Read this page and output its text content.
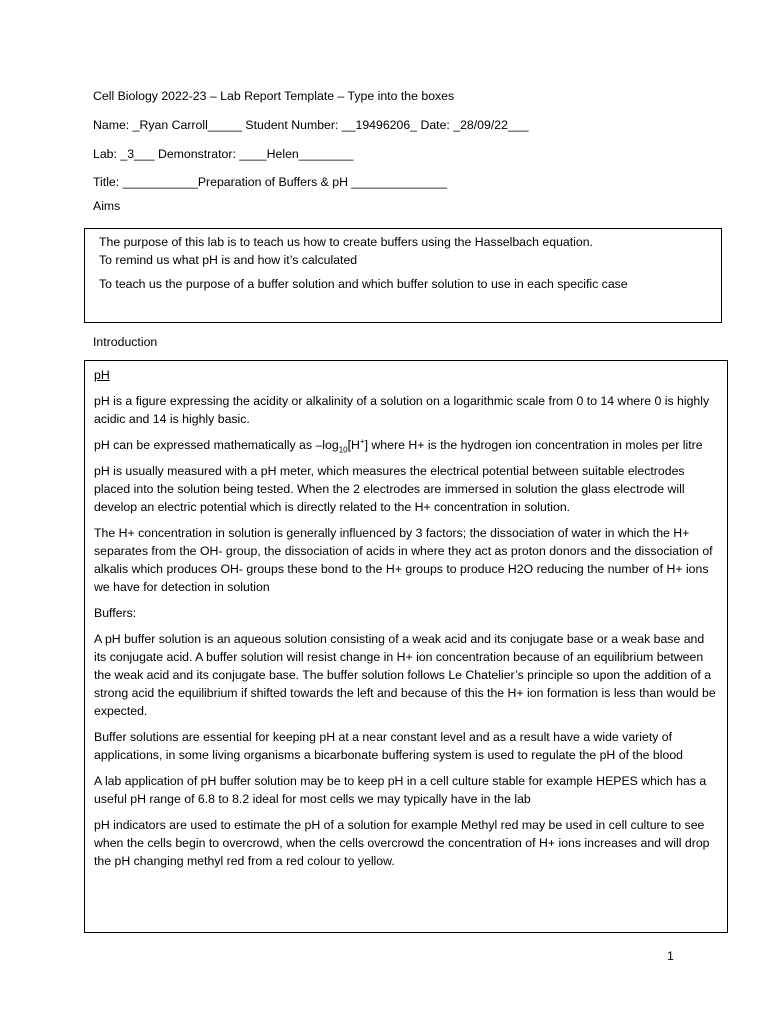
Cell Biology 2022-23 – Lab Report Template – Type into the boxes
Name: _Ryan Carroll_____ Student Number: __19496206_ Date: _28/09/22___
Lab: _3___ Demonstrator: ____Helen________
Title: ___________Preparation of Buffers & pH ______________
Aims

The purpose of this lab is to teach us how to create buffers using the Hasselbach equation.

To remind us what pH is and how it’s calculated

To teach us the purpose of a buffer solution and which buffer solution to use in each specific case

Introduction

pH

pH is a figure expressing the acidity or alkalinity of a solution on a logarithmic scale from 0 to 14 where 0 is highly acidic and 14 is highly basic.

pH can be expressed mathematically as $-\log_{10}[H^+]$ where H+ is the hydrogen ion concentration in moles per litre

pH is usually measured with a pH meter, which measures the electrical potential between suitable electrodes placed into the solution being tested. When the 2 electrodes are immersed in solution the glass electrode will develop an electric potential which is directly related to the H+ concentration in solution.

The H+ concentration in solution is generally influenced by 3 factors; the dissociation of water in which the H+ separates from the OH- group, the dissociation of acids in where they act as proton donors and the dissociation of alkalis which produces OH- groups these bond to the H+ groups to produce H2O reducing the number of H+ ions we have for detection in solution

Buffers:

A pH buffer solution is an aqueous solution consisting of a weak acid and its conjugate base or a weak base and its conjugate acid. A buffer solution will resist change in H+ ion concentration because of an equilibrium between the weak acid and its conjugate base. The buffer solution follows Le Chatelier’s principle so upon the addition of a strong acid the equilibrium if shifted towards the left and because of this the H+ ion formation is less than would be expected.

Buffer solutions are essential for keeping pH at a near constant level and as a result have a wide variety of applications, in some living organisms a bicarbonate buffering system is used to regulate the pH of the blood

A lab application of pH buffer solution may be to keep pH in a cell culture stable for example HEPES which has a useful pH range of 6.8 to 8.2 ideal for most cells we may typically have in the lab

pH indicators are used to estimate the pH of a solution for example Methyl red may be used in cell culture to see when the cells begin to overcrowd, when the cells overcrowd the concentration of H+ ions increases and will drop the pH changing methyl red from a red colour to yellow.

1
